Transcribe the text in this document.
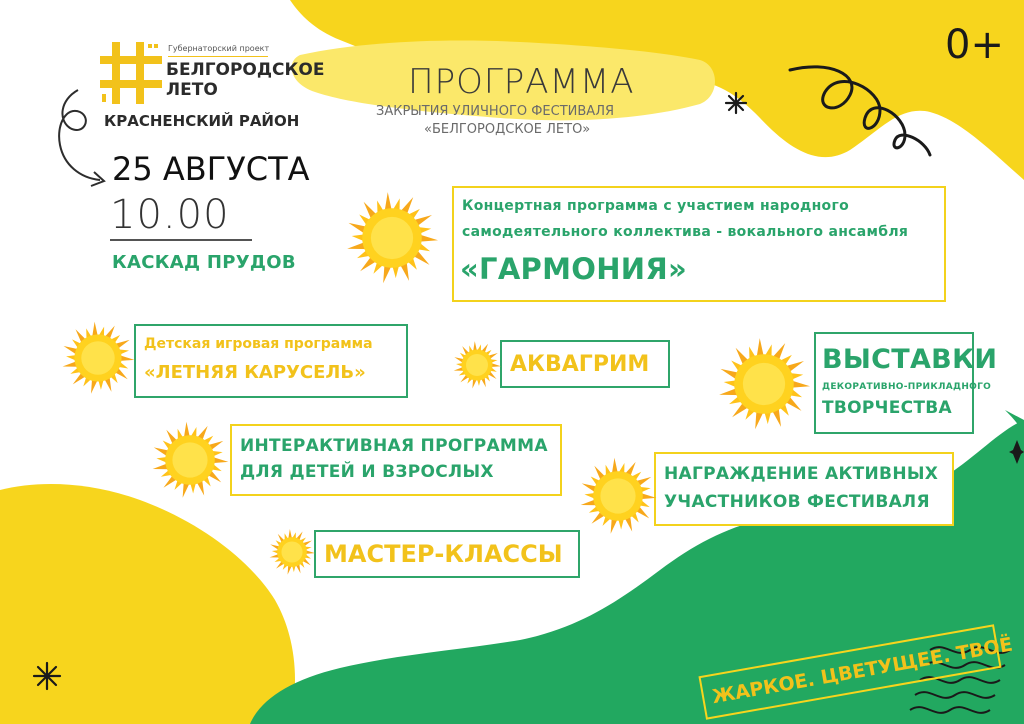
Губернаторский проект
БЕЛГОРОДСКОЕ
ЛЕТО
КРАСНЕНСКИЙ РАЙОН
0+
ПРОГРАММА
ЗАКРЫТИЯ УЛИЧНОГО ФЕСТИВАЛЯ
«БЕЛГОРОДСКОЕ ЛЕТО»
25 АВГУСТА
10.00
КАСКАД ПРУДОВ
Концертная программа с участием народного
самодеятельного коллектива - вокального ансамбля
«ГАРМОНИЯ»
Детская игровая программа
«ЛЕТНЯЯ КАРУСЕЛЬ»	АКВАГРИМ	ВЫСТАВКИ
ДЕКОРАТИВНО-ПРИКЛАДНОГО
ТВОРЧЕСТВА
ИНТЕРАКТИВНАЯ ПРОГРАММА
ДЛЯ ДЕТЕЙ И ВЗРОСЛЫХ	НАГРАЖДЕНИЕ АКТИВНЫХ
УЧАСТНИКОВ ФЕСТИВАЛЯ
МАСТЕР-КЛАССЫ
ЖАРКОЕ. ЦВЕТУЩЕЕ. ТВОЁ
